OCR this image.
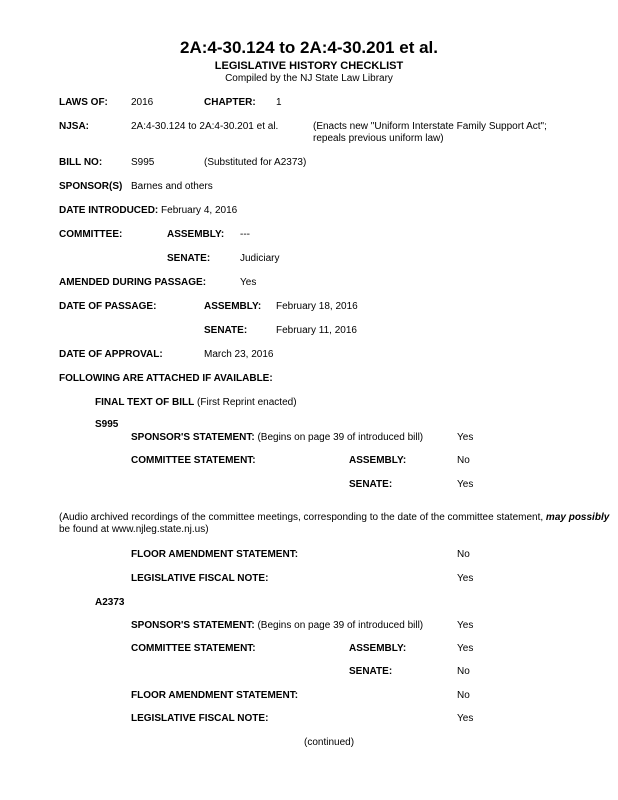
2A:4-30.124 to 2A:4-30.201 et al.
LEGISLATIVE HISTORY CHECKLIST
Compiled by the NJ State Law Library
LAWS OF: 2016	CHAPTER: 1
NJSA:	2A:4-30.124 to 2A:4-30.201 et al.	(Enacts new "Uniform Interstate Family Support Act";
repeals previous uniform law)
BILL NO:	S995	(Substituted for A2373)
SPONSOR(S) Barnes and others
DATE INTRODUCED: February 4, 2016
COMMITTEE:	ASSEMBLY: ---
SENATE:	Judiciary
AMENDED DURING PASSAGE:	Yes
DATE OF PASSAGE:	ASSEMBLY: February 18, 2016
SENATE:	February 11, 2016
DATE OF APPROVAL:	March 23, 2016
FOLLOWING ARE ATTACHED IF AVAILABLE:
FINAL TEXT OF BILL (First Reprint enacted)
S995
SPONSOR'S STATEMENT: (Begins on page 39 of introduced bill)	Yes
COMMITTEE STATEMENT:	ASSEMBLY:	No
SENATE:	Yes
(Audio archived recordings of the committee meetings, corresponding to the date of the committee statement, may possibly
be found at www.njleg.state.nj.us)
FLOOR AMENDMENT STATEMENT:	No
LEGISLATIVE FISCAL NOTE:	Yes
A2373
SPONSOR'S STATEMENT: (Begins on page 39 of introduced bill)	Yes
COMMITTEE STATEMENT:	ASSEMBLY:	Yes
SENATE:	No
FLOOR AMENDMENT STATEMENT:	No
LEGISLATIVE FISCAL NOTE:	Yes
(continued)
